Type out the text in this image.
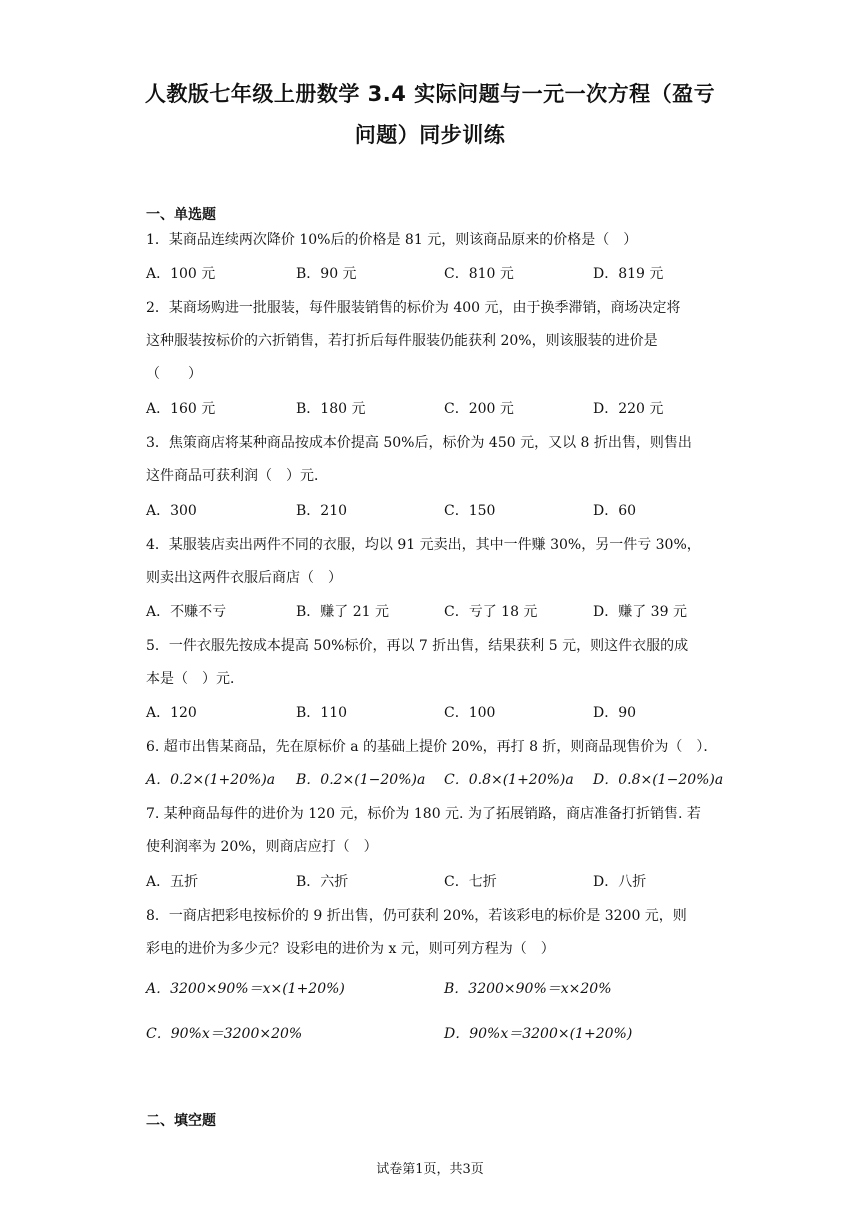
人教版七年级上册数学 3.4 实际问题与一元一次方程（盈亏
问题）同步训练
一、单选题
1．某商品连续两次降价 10%后的价格是 81 元，则该商品原来的价格是（　）
A．100 元	B．90 元	C．810 元	D．819 元
2．某商场购进一批服装，每件服装销售的标价为 400 元，由于换季滞销，商场决定将
这种服装按标价的六折销售，若打折后每件服装仍能获利 20%，则该服装的进价是
（　　）
A．160 元	B．180 元	C．200 元	D．220 元
3．焦策商店将某种商品按成本价提高 50%后，标价为 450 元，又以 8 折出售，则售出
这件商品可获利润（　）元．
A．300	B．210	C．150	D．60
4．某服装店卖出两件不同的衣服，均以 91 元卖出，其中一件赚 30%，另一件亏 30%，
则卖出这两件衣服后商店（　）
A．不赚不亏	B．赚了 21 元	C．亏了 18 元	D．赚了 39 元
5．一件衣服先按成本提高 50%标价，再以 7 折出售，结果获利 5 元，则这件衣服的成
本是（　）元．
A．120	B．110	C．100	D．90
6. 超市出售某商品，先在原标价 a 的基础上提价 20%，再打 8 折，则商品现售价为（　）．
A．0.2×(1+20%)a B．0.2×(1−20%)a C．0.8×(1+20%)a D．0.8×(1−20%)a
7. 某种商品每件的进价为 120 元，标价为 180 元. 为了拓展销路，商店准备打折销售. 若
使利润率为 20%，则商店应打（　）
A．五折	B．六折	C．七折	D．八折
8．一商店把彩电按标价的 9 折出售，仍可获利 20%，若该彩电的标价是 3200 元，则
彩电的进价为多少元？设彩电的进价为 x 元，则可列方程为（　）
A．3200×90%＝x×(1+20%)	B．3200×90%＝x×20%
C．90%x＝3200×20%	D．90%x＝3200×(1+20%)
二、填空题
试卷第1页，共3页
